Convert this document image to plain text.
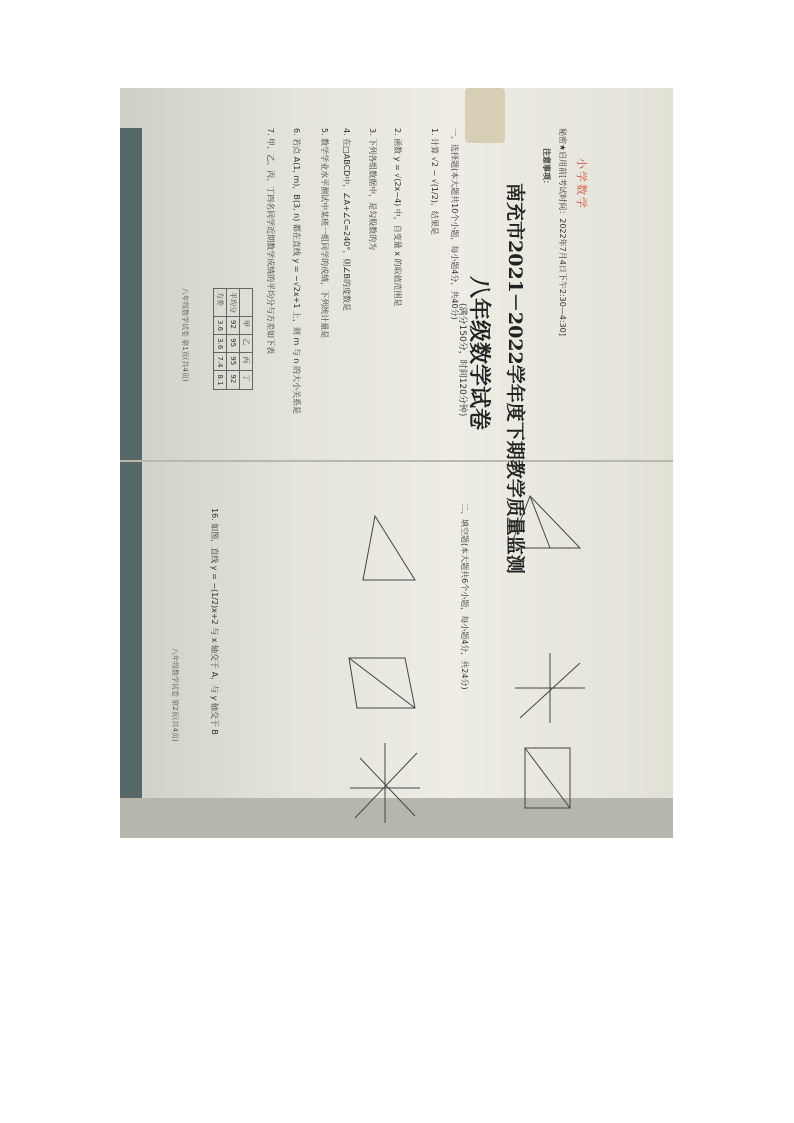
小学数学
秘密★启用前[考试时间：2022年7月4日下午2:30—4:30]
南充市2021－2022学年度下期教学质量监测
八年级数学试卷
(满分150分，时间120分钟)
注意事项：
一、选择题(本大题共10个小题，每小题4分，共40分)
1. 计算 √2 − √(1/2)，结果是
2. 函数 y = √(2x−4) 中，自变量 x 的取值范围是
3. 下列各组数据中，是勾股数的为
4. 在□ABCD中，∠A+∠C=240°，则∠B的度数是
5. 数学学业水平测试中某班一组同学的成绩，下列统计量是
6. 若点 A(1, m)，B(3, n) 都在直线 y = −√2x+1 上，则 m 与 n 的大小关系是
7. 甲、乙、丙、丁四名同学近期数学成绩的平均分与方差如下表
	甲	乙	丙	丁
平均分	92	95	95	92
方差	3.6	3.6	7.4	8.1
八年级数学试卷 第1页(共4页)
二、填空题(本大题共6个小题，每小题4分，共24分)
16. 如图，直线 y = −(1/2)x+2 与 x 轴交于 A，与 y 轴交于 B
八年级数学试卷 第2页(共4页)
